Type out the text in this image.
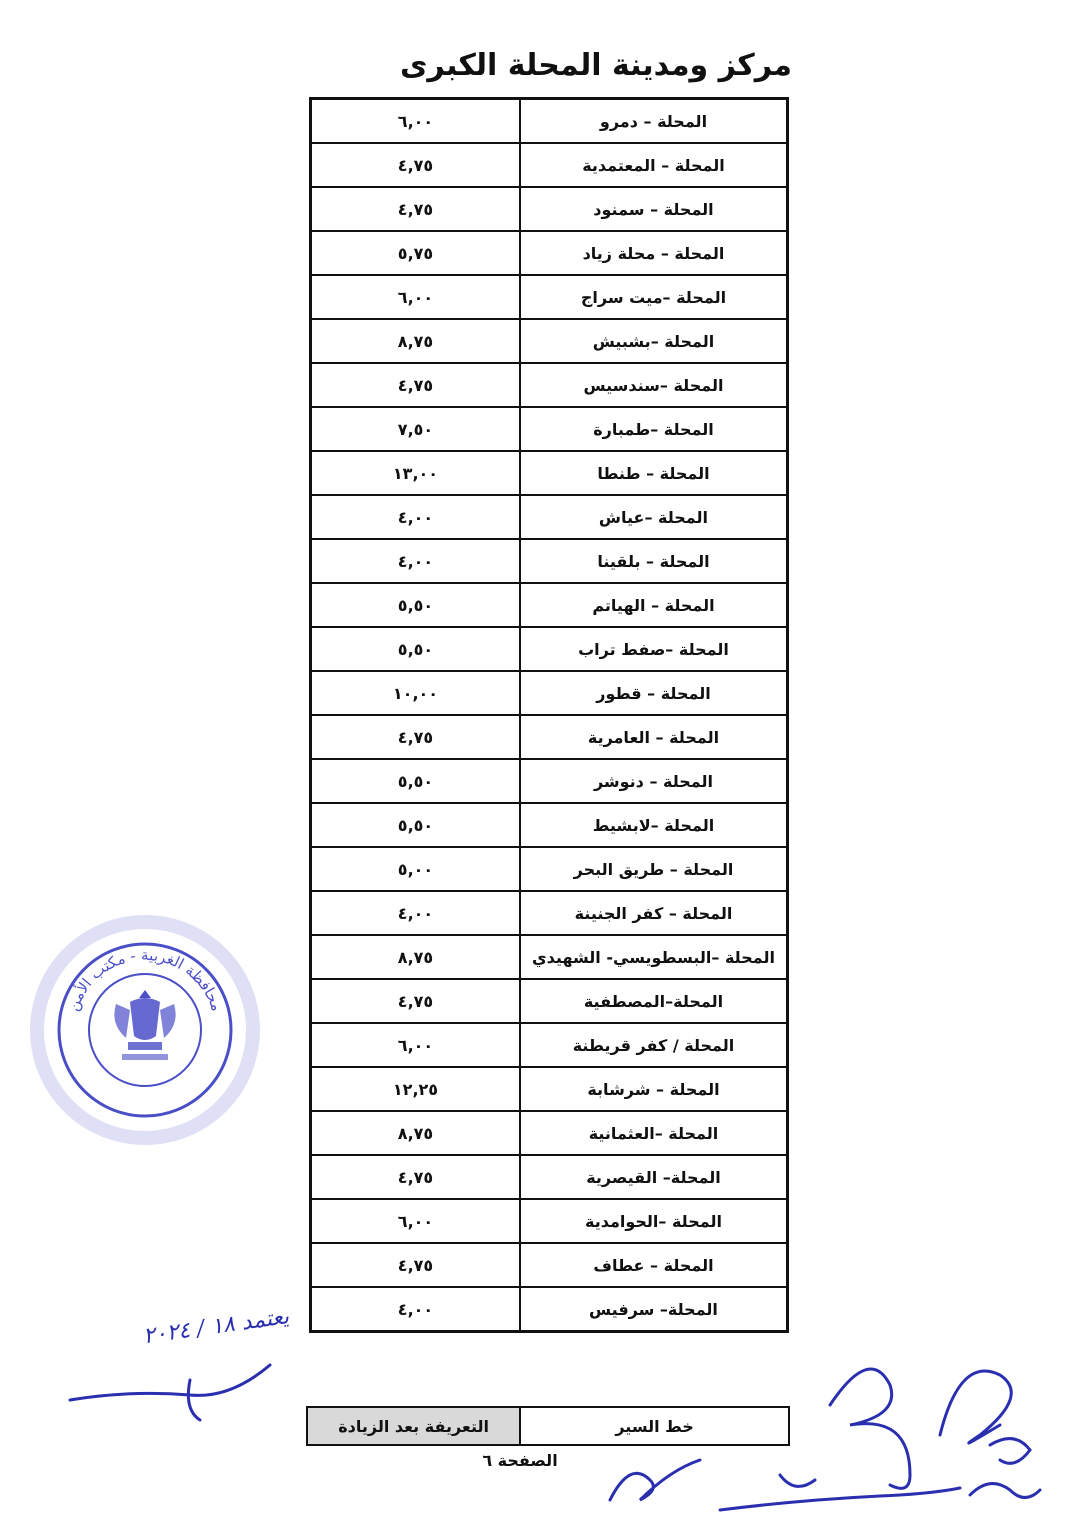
مركز ومدينة المحلة الكبرى
٦,٠٠	المحلة – دمرو
٤,٧٥	المحلة – المعتمدية
٤,٧٥	المحلة – سمنود
٥,٧٥	المحلة – محلة زياد
٦,٠٠	المحلة –ميت سراج
٨,٧٥	المحلة –بشبيش
٤,٧٥	المحلة –سندسيس
٧,٥٠	المحلة –طمبارة
١٣,٠٠	المحلة – طنطا
٤,٠٠	المحلة –عياش
٤,٠٠	المحلة – بلقينا
٥,٥٠	المحلة – الهياتم
٥,٥٠	المحلة –صفط تراب
١٠,٠٠	المحلة – قطور
٤,٧٥	المحلة – العامرية
٥,٥٠	المحلة – دنوشر
٥,٥٠	المحلة –لابشيط
٥,٠٠	المحلة – طريق البحر
٤,٠٠	المحلة – كفر الجنينة
٨,٧٥	المحلة –البسطويسي- الشهيدي
٤,٧٥	المحلة–المصطفية
٦,٠٠	المحلة / كفر قريطنة
١٢,٢٥	المحلة – شرشابة
٨,٧٥	المحلة –العثمانية
٤,٧٥	المحلة– القيصرية
٦,٠٠	المحلة –الحوامدية
٤,٧٥	المحلة – عطاف
٤,٠٠	المحلة– سرفيس
التعريفة بعد الزيادة	خط السير
الصفحة ٦
محافظة الغربية - مكتب الأمن
يعتمد ١٨ / ٢٠٢٤
